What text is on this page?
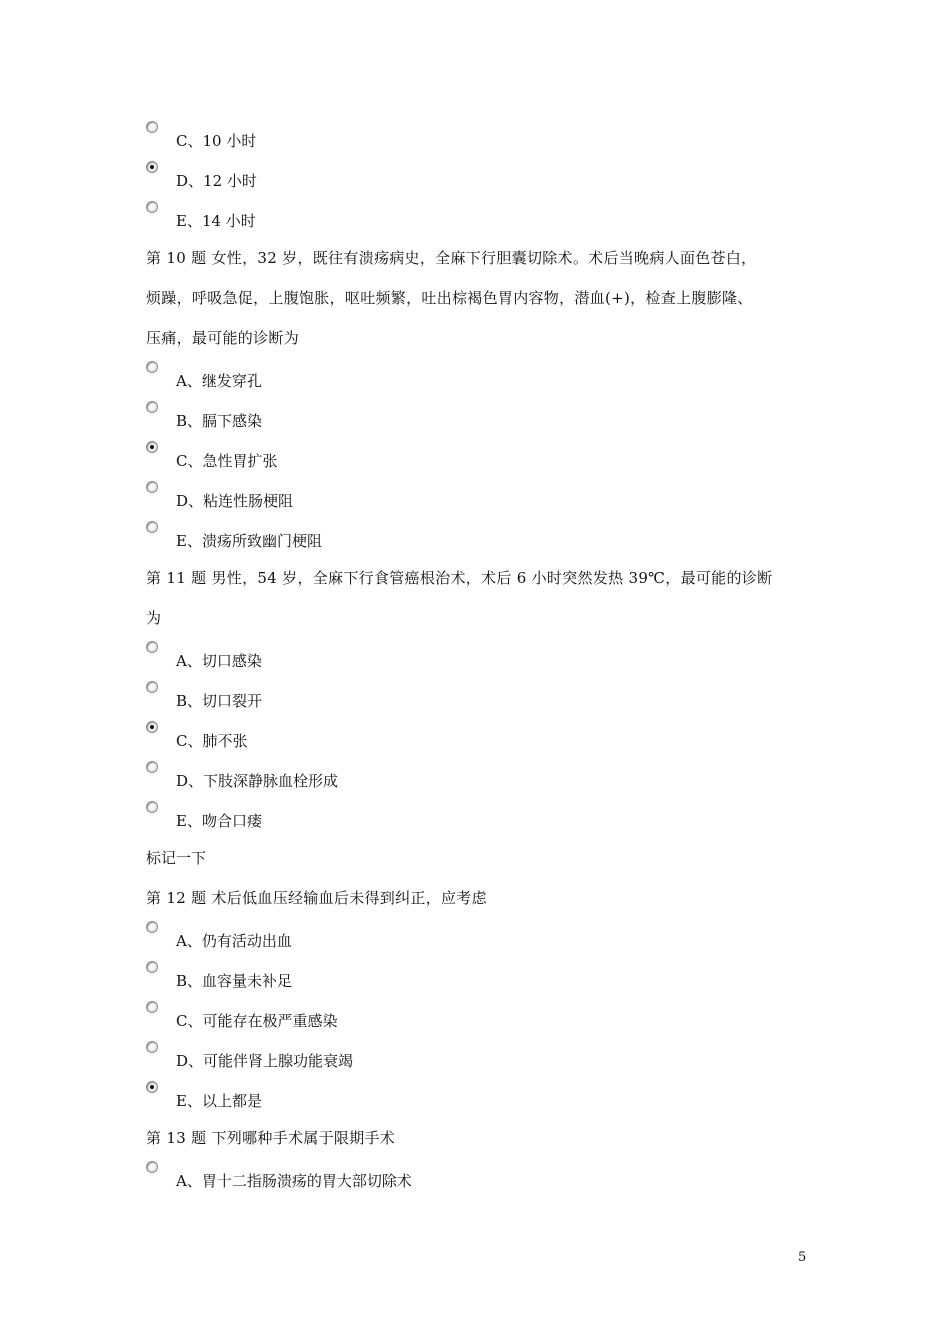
C、10 小时
D、12 小时
E、14 小时
第 10 题 女性，32 岁，既往有溃疡病史，全麻下行胆囊切除术。术后当晚病人面色苍白，
烦躁，呼吸急促，上腹饱胀，呕吐频繁，吐出棕褐色胃内容物，潜血(+)，检查上腹膨隆、
压痛，最可能的诊断为
A、继发穿孔
B、膈下感染
C、急性胃扩张
D、粘连性肠梗阻
E、溃疡所致幽门梗阻
第 11 题 男性，54 岁，全麻下行食管癌根治术，术后 6 小时突然发热 39℃，最可能的诊断
为
A、切口感染
B、切口裂开
C、肺不张
D、下肢深静脉血栓形成
E、吻合口瘘
标记一下
第 12 题 术后低血压经输血后未得到纠正，应考虑
A、仍有活动出血
B、血容量未补足
C、可能存在极严重感染
D、可能伴肾上腺功能衰竭
E、以上都是
第 13 题 下列哪种手术属于限期手术
A、胃十二指肠溃疡的胃大部切除术
5
